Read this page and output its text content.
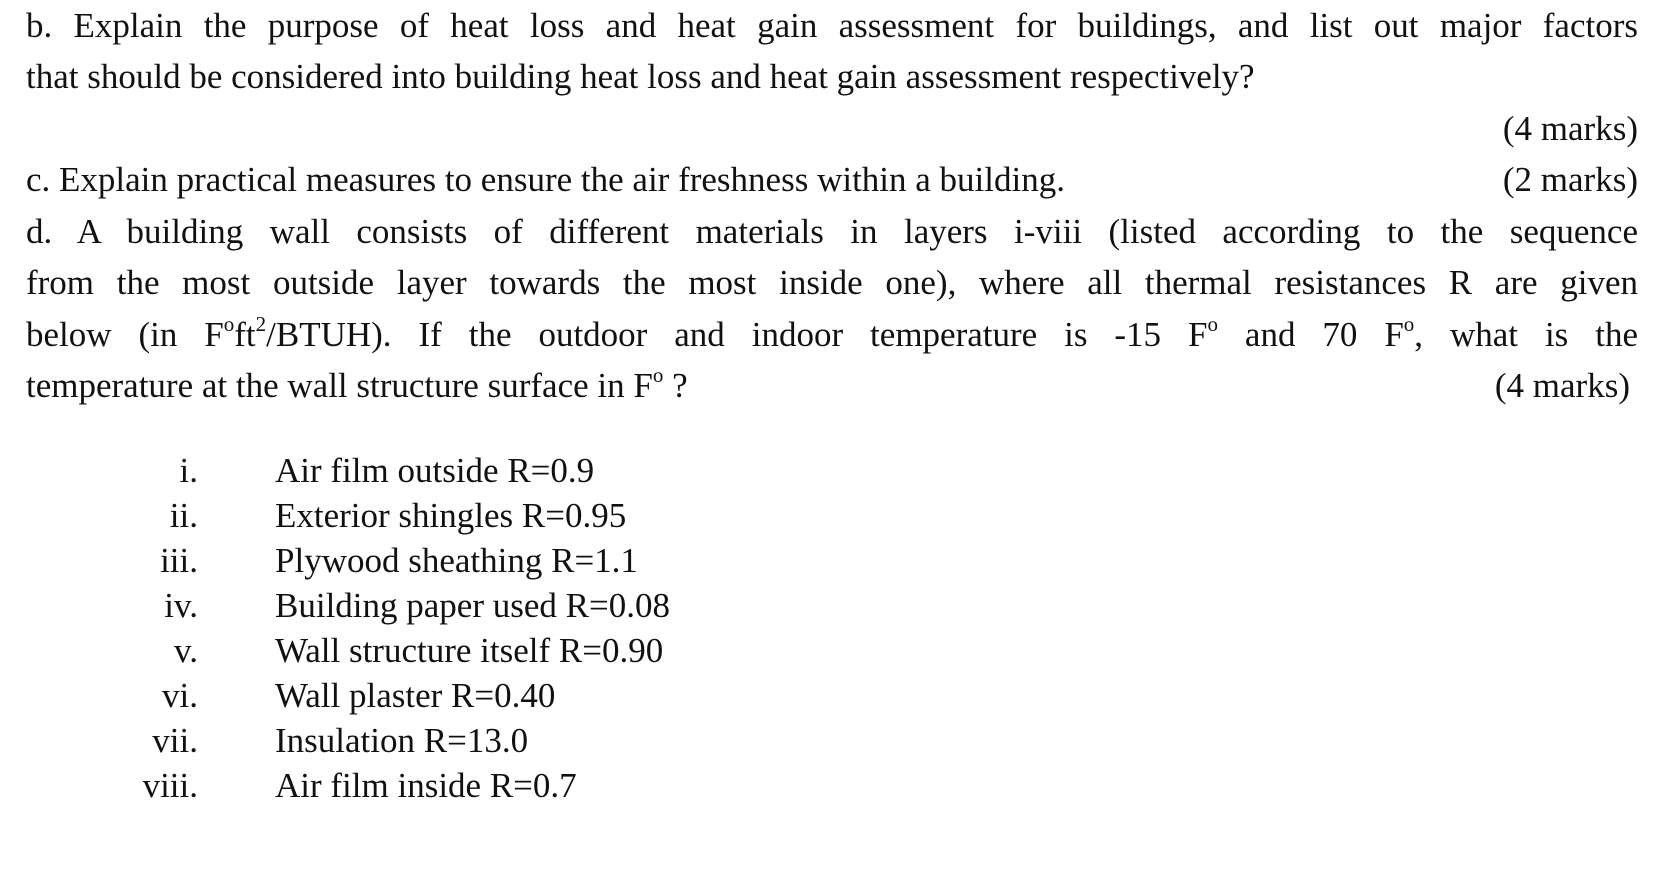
b. Explain the purpose of heat loss and heat gain assessment for buildings, and list out major factors
that should be considered into building heat loss and heat gain assessment respectively?
(4 marks)
c. Explain practical measures to ensure the air freshness within a building.	(2 marks)
d. A building wall consists of different materials in layers i-viii (listed according to the sequence
from the most outside layer towards the most inside one), where all thermal resistances R are given
below (in $F^oft^2/BTUH$). If the outdoor and indoor temperature is -15 $F^o$ and 70 $F^o$, what is the
temperature at the wall structure surface in $F^o$ ?	(4 marks)
i. Air film outside R=0.9
ii. Exterior shingles R=0.95
iii. Plywood sheathing R=1.1
iv. Building paper used R=0.08
v. Wall structure itself R=0.90
vi. Wall plaster R=0.40
vii. Insulation R=13.0
viii. Air film inside R=0.7
